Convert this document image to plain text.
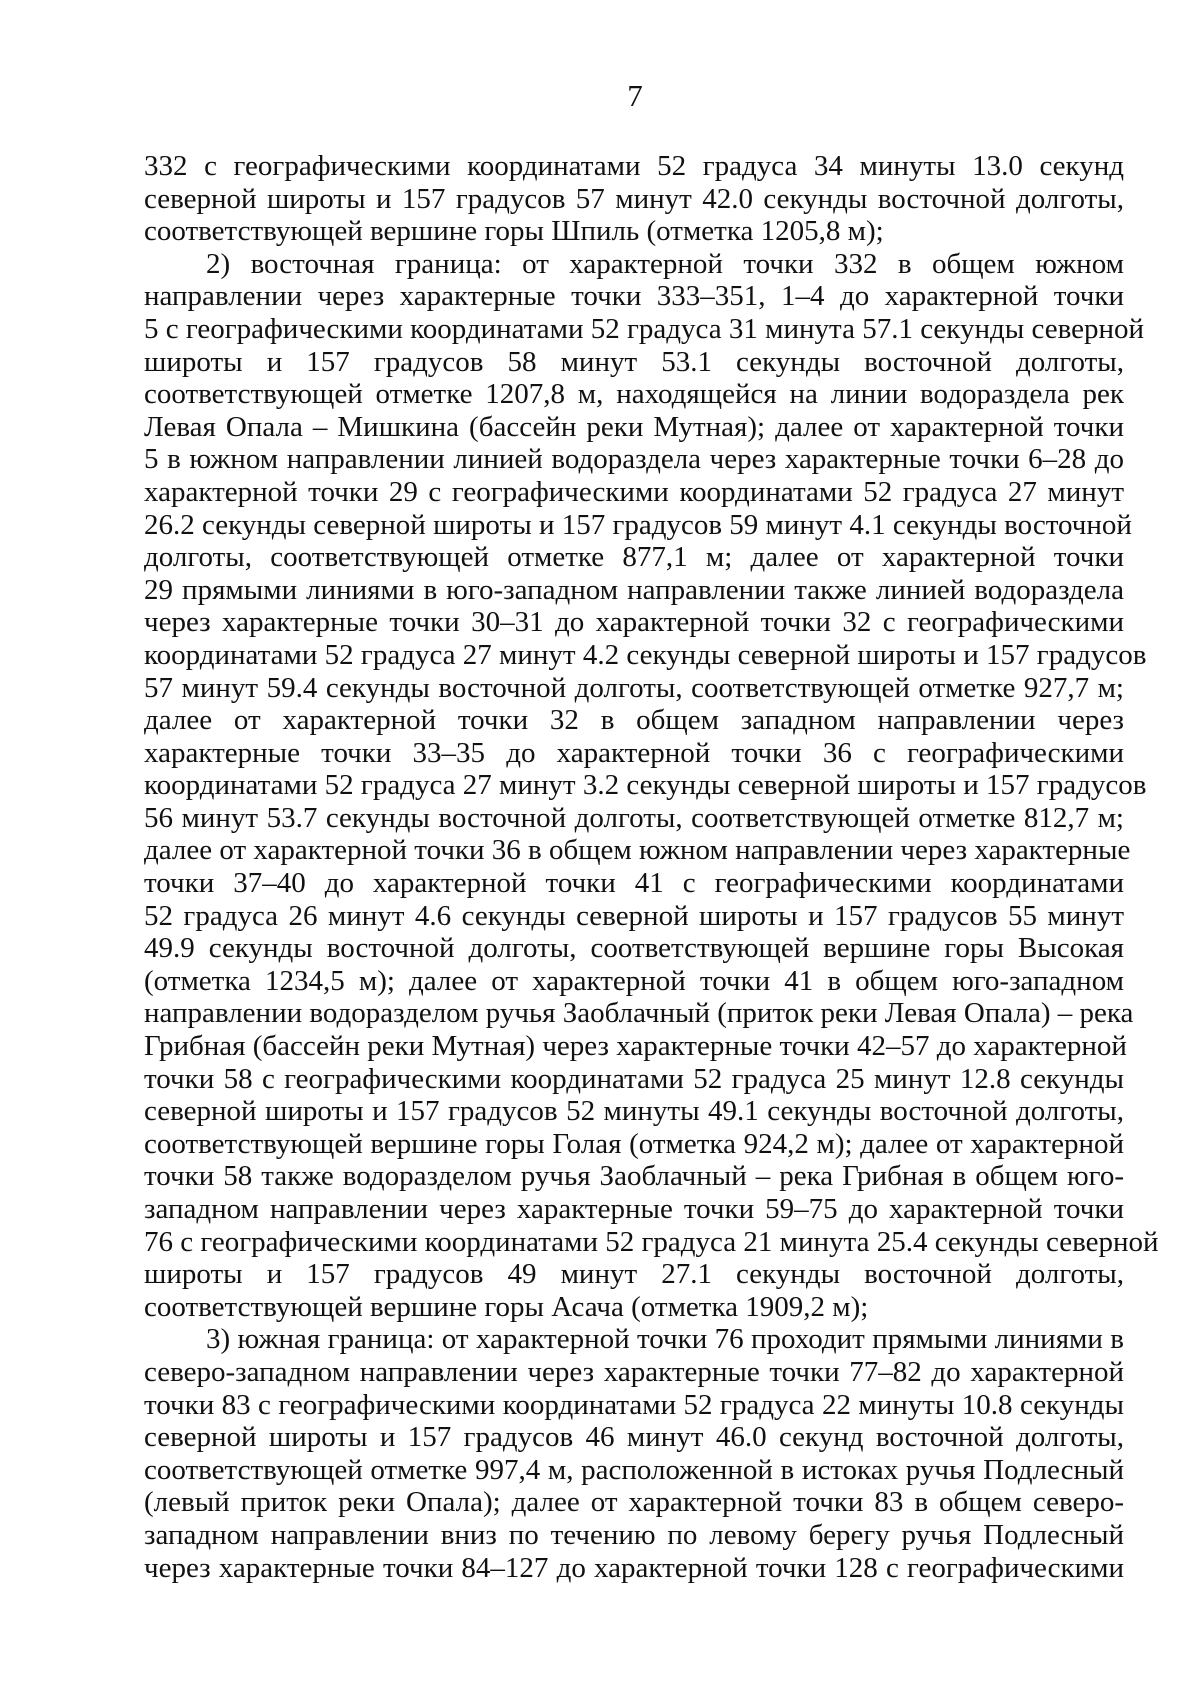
7
332 с географическими координатами 52 градуса 34 минуты 13.0 секунд
северной широты и 157 градусов 57 минут 42.0 секунды восточной долготы,
соответствующей вершине горы Шпиль (отметка 1205,8 м);
2) восточная граница: от характерной точки 332 в общем южном
направлении через характерные точки 333–351, 1–4 до характерной точки
5 с географическими координатами 52 градуса 31 минута 57.1 секунды северной
широты и 157 градусов 58 минут 53.1 секунды восточной долготы,
соответствующей отметке 1207,8 м, находящейся на линии водораздела рек
Левая Опала – Мишкина (бассейн реки Мутная); далее от характерной точки
5 в южном направлении линией водораздела через характерные точки 6–28 до
характерной точки 29 с географическими координатами 52 градуса 27 минут
26.2 секунды северной широты и 157 градусов 59 минут 4.1 секунды восточной
долготы, соответствующей отметке 877,1 м; далее от характерной точки
29 прямыми линиями в юго-западном направлении также линией водораздела
через характерные точки 30–31 до характерной точки 32 с географическими
координатами 52 градуса 27 минут 4.2 секунды северной широты и 157 градусов
57 минут 59.4 секунды восточной долготы, соответствующей отметке 927,7 м;
далее от характерной точки 32 в общем западном направлении через
характерные точки 33–35 до характерной точки 36 с географическими
координатами 52 градуса 27 минут 3.2 секунды северной широты и 157 градусов
56 минут 53.7 секунды восточной долготы, соответствующей отметке 812,7 м;
далее от характерной точки 36 в общем южном направлении через характерные
точки 37–40 до характерной точки 41 с географическими координатами
52 градуса 26 минут 4.6 секунды северной широты и 157 градусов 55 минут
49.9 секунды восточной долготы, соответствующей вершине горы Высокая
(отметка 1234,5 м); далее от характерной точки 41 в общем юго-западном
направлении водоразделом ручья Заоблачный (приток реки Левая Опала) – река
Грибная (бассейн реки Мутная) через характерные точки 42–57 до характерной
точки 58 с географическими координатами 52 градуса 25 минут 12.8 секунды
северной широты и 157 градусов 52 минуты 49.1 секунды восточной долготы,
соответствующей вершине горы Голая (отметка 924,2 м); далее от характерной
точки 58 также водоразделом ручья Заоблачный – река Грибная в общем юго-
западном направлении через характерные точки 59–75 до характерной точки
76 с географическими координатами 52 градуса 21 минута 25.4 секунды северной
широты и 157 градусов 49 минут 27.1 секунды восточной долготы,
соответствующей вершине горы Асача (отметка 1909,2 м);
3) южная граница: от характерной точки 76 проходит прямыми линиями в
северо-западном направлении через характерные точки 77–82 до характерной
точки 83 с географическими координатами 52 градуса 22 минуты 10.8 секунды
северной широты и 157 градусов 46 минут 46.0 секунд восточной долготы,
соответствующей отметке 997,4 м, расположенной в истоках ручья Подлесный
(левый приток реки Опала); далее от характерной точки 83 в общем северо-
западном направлении вниз по течению по левому берегу ручья Подлесный
через характерные точки 84–127 до характерной точки 128 с географическими
